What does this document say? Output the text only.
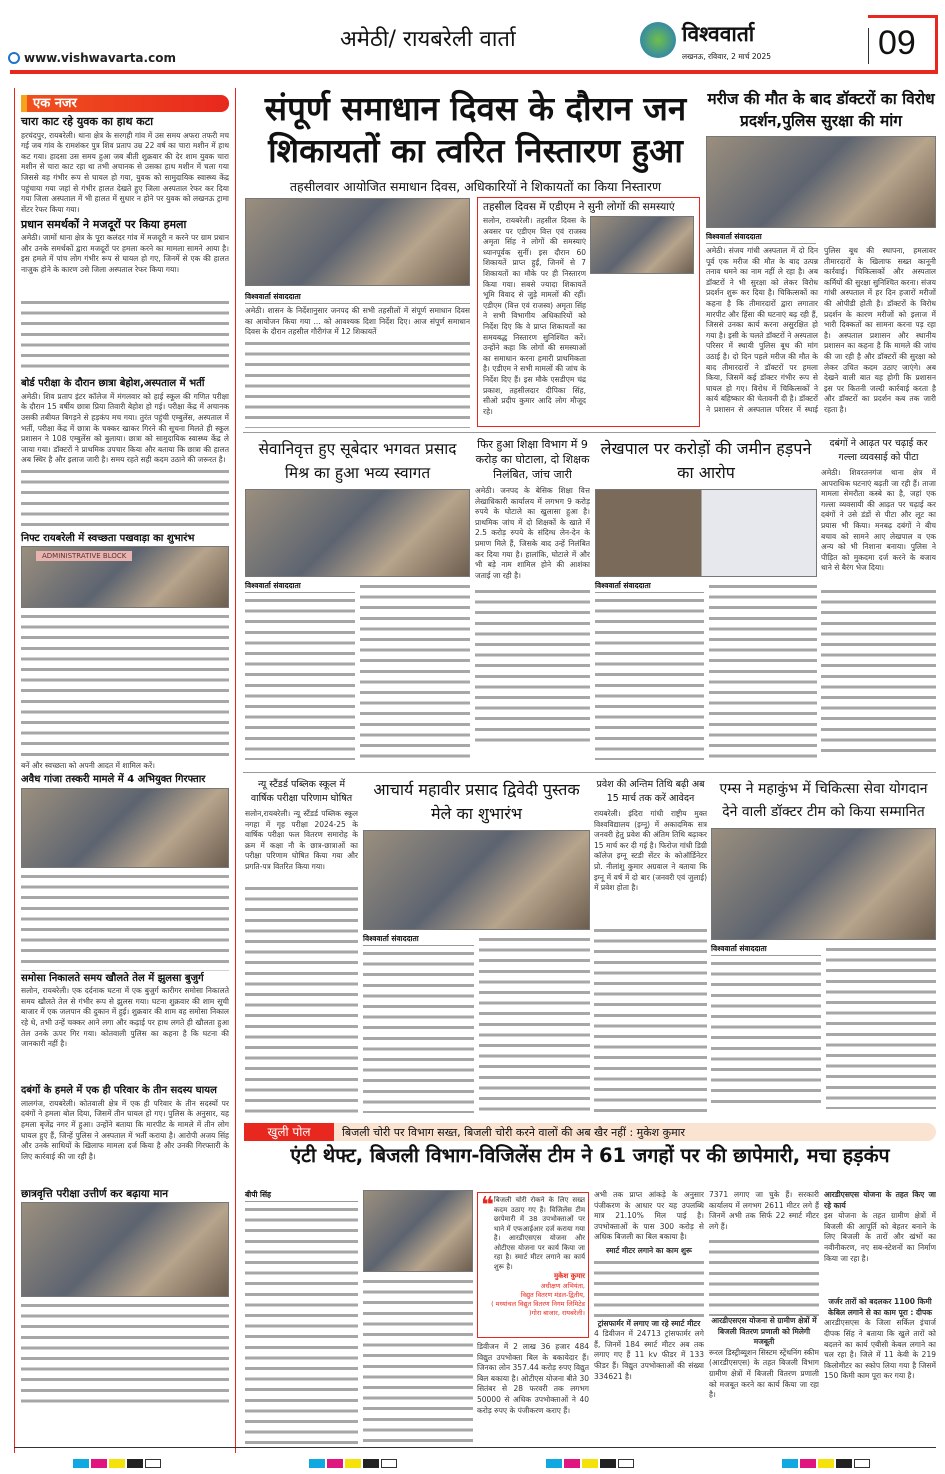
www.vishwavarta.com
अमेठी/ रायबरेली वार्ता	विश्ववार्ता
लखनऊ, रविवार, 2 मार्च 2025	09
एक नजर
चारा काट रहे युवक का हाथ कटा
हरचंदपुर, रायबरेली। थाना क्षेत्र के सरगही गांव में उस समय अफरा तफरी मच गई जब गांव के रामशंकर पुत्र शिव प्रताप उम्र 22 वर्ष का चारा मशीन में हाथ कट गया। हादसा उस समय हुआ जब बीती शुक्रवार की देर शाम युवक चारा मशीन से चारा काट रहा था तभी अचानक से उसका हाथ मशीन में चला गया जिससे वह गंभीर रूप से घायल हो गया, युवक को सामुदायिक स्वास्थ्य केंद्र पहुंचाया गया जहां से गंभीर हालत देखते हुए जिला अस्पताल रेफर कर दिया गया जिला अस्पताल में भी हालत में सुधार न होने पर युवक को लखनऊ ट्रामा सेंटर रेफर किया गया।
प्रधान समर्थकों ने मजदूरों पर किया हमला
अमेठी। जामों थाना क्षेत्र के पूरा कलंदर गांव में मजदूरी न करने पर ग्राम प्रधान और उनके समर्थकों द्वारा मजदूरों पर हमला करने का मामला सामने आया है। इस हमले में पांच लोग गंभीर रूप से घायल हो गए, जिनमें से एक की हालत नाजुक होने के कारण उसे जिला अस्पताल रेफर किया गया।
बोर्ड परीक्षा के दौरान छात्रा बेहोश,अस्पताल में भर्ती
अमेठी। शिव प्रताप इंटर कॉलेज में मंगलवार को हाई स्कूल की गणित परीक्षा के दौरान 15 वर्षीय छात्रा प्रिया तिवारी बेहोश हो गई। परीक्षा केंद्र में अचानक उसकी तबीयत बिगड़ने से हड़कंप मच गया। तुरंत पहुंची एम्बुलेंस, अस्पताल में भर्ती, परीक्षा केंद्र में छात्रा के चक्कर खाकर गिरने की सूचना मिलते ही स्कूल प्रशासन ने 108 एम्बुलेंस को बुलाया। छात्रा को सामुदायिक स्वास्थ्य केंद्र ले जाया गया। डॉक्टरों ने प्राथमिक उपचार किया और बताया कि छात्रा की हालत अब स्थिर है और इलाज जारी है। समय रहते सही कदम उठाने की जरूरत है।
निफ्ट रायबरेली में स्वच्छता पखवाड़ा का शुभारंभ
ADMINISTRATIVE BLOCK
बनें और स्वच्छता को अपनी आदत में शामिल करें।
अवैध गांजा तस्करी मामले में 4 अभियुक्त गिरफ्तार
समोसा निकालते समय खौलते तेल में झुलसा बुजुर्ग
सलोन, रायबरेली। एक दर्दनाक घटना में एक बुजुर्ग कारीगर समोसा निकालते समय खौलते तेल से गंभीर रूप से झुलस गया। घटना शुक्रवार की शाम सूची बाजार में एक जलपान की दुकान में हुई। शुक्रवार की शाम वह समोसा निकाल रहे थे, तभी उन्हें चक्कर आने लगा और कढ़ाई पर हाथ लगते ही खौलता हुआ तेल उनके ऊपर गिर गया। कोतवाली पुलिस का कहना है कि घटना की जानकारी नहीं है।
दबंगों के हमले में एक ही परिवार के तीन सदस्य घायल
लालगंज, रायबरेली। कोतवाली क्षेत्र में एक ही परिवार के तीन सदस्यों पर दबंगों ने हमला बोल दिया, जिसमें तीन घायल हो गए। पुलिस के अनुसार, यह हमला बृजेंद्र नगर में हुआ। उन्होंने बताया कि मारपीट के मामले में तीन लोग घायल हुए हैं, जिन्हें पुलिस ने अस्पताल में भर्ती कराया है। आरोपी अजय सिंह और उनके साथियों के खिलाफ मामला दर्ज किया है और उनकी गिरफ्तारी के लिए कार्रवाई की जा रही है।
छात्रवृत्ति परीक्षा उत्तीर्ण कर बढ़ाया मान
संपूर्ण समाधान दिवस के दौरान जन शिकायतों का त्वरित निस्तारण हुआ
तहसीलवार आयोजित समाधान दिवस, अधिकारियों ने शिकायतों का किया निस्तारण
विश्ववार्ता संवाददाता
अमेठी। शासन के निर्देशानुसार जनपद की सभी तहसीलों में संपूर्ण समाधान दिवस का आयोजन किया गया ... को आवश्यक दिशा निर्देश दिए। आज संपूर्ण समाधान दिवस के दौरान तहसील गौरीगंज में 12 शिकायतें
तहसील दिवस में एडीएम ने सुनी लोगों की समस्याएं
सलोन, रायबरेली। तहसील दिवस के अवसर पर एडीएम वित्त एवं राजस्व अमृता सिंह ने लोगों की समस्याएं ध्यानपूर्वक सुनीं। इस दौरान 60 शिकायतें प्राप्त हुईं, जिनमें से 7 शिकायतों का मौके पर ही निस्तारण किया गया। सबसे ज्यादा शिकायतें भूमि विवाद से जुड़े मामलों की रहीं। एडीएम (वित्त एवं राजस्व) अमृता सिंह ने सभी विभागीय अधिकारियों को निर्देश दिए कि वे प्राप्त शिकायतों का समयबद्ध निस्तारण सुनिश्चित करें। उन्होंने कहा कि लोगों की समस्याओं का समाधान करना हमारी प्राथमिकता है। एडीएम ने सभी मामलों की जांच के निर्देश दिए हैं। इस मौके एसडीएम चंद्र प्रकाश, तहसीलदार दीपिका सिंह, सीओ प्रदीप कुमार आदि लोग मौजूद रहे।
मरीज की मौत के बाद डॉक्टरों का विरोध प्रदर्शन,पुलिस सुरक्षा की मांग
विश्ववार्ता संवाददाता
अमेठी। संजय गांधी अस्पताल में दो दिन पूर्व एक मरीज की मौत के बाद उत्पन्न तनाव थमने का नाम नहीं ले रहा है। अब डॉक्टरों ने भी सुरक्षा को लेकर विरोध प्रदर्शन शुरू कर दिया है। चिकित्सकों का कहना है कि तीमारदारों द्वारा लगातार मारपीट और हिंसा की घटनाएं बढ़ रही हैं, जिससे उनका कार्य करना असुरक्षित हो गया है। इसी के चलते डॉक्टरों ने अस्पताल परिसर में स्थायी पुलिस बूथ की मांग उठाई है। दो दिन पहले मरीज की मौत के बाद तीमारदारों ने डॉक्टरों पर हमला किया, जिसमें कई डॉक्टर गंभीर रूप से घायल हो गए। विरोध में चिकित्सकों ने कार्य बहिष्कार की चेतावनी दी है। डॉक्टरों ने प्रशासन से अस्पताल परिसर में स्थाई पुलिस बूथ की स्थापना, हमलावर तीमारदारों के खिलाफ सख्त कानूनी कार्रवाई। चिकित्सकों और अस्पताल कर्मियों की सुरक्षा सुनिश्चित करना। संजय गांधी अस्पताल में हर दिन हजारों मरीजों की ओपीडी होती है। डॉक्टरों के विरोध प्रदर्शन के कारण मरीजों को इलाज में भारी दिक्कतों का सामना करना पड़ रहा है। अस्पताल प्रशासन और स्थानीय प्रशासन का कहना है कि मामले की जांच की जा रही है और डॉक्टरों की सुरक्षा को लेकर उचित कदम उठाए जाएंगे। अब देखने वाली बात यह होगी कि प्रशासन इस पर कितनी जल्दी कार्रवाई करता है और डॉक्टरों का प्रदर्शन कब तक जारी रहता है।
सेवानिवृत्त हुए सूबेदार भगवत प्रसाद मिश्र का हुआ भव्य स्वागत
विश्ववार्ता संवाददाता
फिर हुआ शिक्षा विभाग में 9 करोड़ का घोटाला, दो शिक्षक निलंबित, जांच जारी
अमेठी। जनपद के बेसिक शिक्षा वित्त लेखाधिकारी कार्यालय में लगभग 9 करोड़ रुपये के घोटाले का खुलासा हुआ है। प्राथमिक जांच में दो शिक्षकों के खाते में 2.5 करोड़ रुपये के संदिग्ध लेन-देन के प्रमाण मिले हैं, जिसके बाद उन्हें निलंबित कर दिया गया है। हालांकि, घोटाले में और भी बड़े नाम शामिल होने की आशंका जताई जा रही है।
लेखपाल पर करोड़ों की जमीन हड़पने का आरोप
विश्ववार्ता संवाददाता
दबंगों ने आढ़त पर चढ़ाई कर गल्ला व्यवसाई को पीटा
अमेठी। शिवरतनगंज थाना क्षेत्र में आपराधिक घटनाएं बढ़ती जा रही हैं। ताजा मामला सेमरौता कस्बे का है, जहां एक गल्ला व्यवसायी की आढ़त पर चढ़ाई कर दबंगों ने उसे डंडों से पीटा और लूट का प्रयास भी किया। मनबढ़ दबंगों ने बीच बचाव को सामने आए लेखपाल व एक अन्य को भी निशाना बनाया। पुलिस ने पीड़ित को मुकदमा दर्ज करने के बजाय थाने से बैरंग भेज दिया।
न्यू स्टैंडर्ड पब्लिक स्कूल में वार्षिक परीक्षा परिणाम घोषित
सलोन,रायबरेली। न्यू स्टैंडर्ड पब्लिक स्कूल नगहा में गृह परीक्षा 2024-25 के वार्षिक परीक्षा फल वितरण समारोह के क्रम में कक्षा नौ के छात्र-छात्राओं का परीक्षा परिणाम घोषित किया गया और प्रगति-पत्र वितरित किया गया।
आचार्य महावीर प्रसाद द्विवेदी पुस्तक मेले का शुभारंभ
विश्ववार्ता संवाददाता
प्रवेश की अन्तिम तिथि बढ़ी अब 15 मार्च तक करें आवेदन
रायबरेली। इंदिरा गांधी राष्ट्रीय मुक्त विश्वविद्यालय (इग्नू) में अकादमिक सत्र जनवरी हेतु प्रवेश की अंतिम तिथि बढ़ाकर 15 मार्च कर दी गई है। फिरोज गांधी डिग्री कॉलेज इग्नू स्टडी सेंटर के कोऑर्डिनेटर प्रो. नीलांशु कुमार अग्रवाल ने बताया कि इग्नू में वर्ष में दो बार (जनवरी एवं जुलाई) में प्रवेश होता है।
एम्स ने महाकुंभ में चिकित्सा सेवा योगदान देने वाली डॉक्टर टीम को किया सम्मानित
विश्ववार्ता संवाददाता
खुली पोल	बिजली चोरी पर विभाग सख्त, बिजली चोरी करने वालों की अब खैर नहीं : मुकेश कुमार
एंटी थेफ्ट, बिजली विभाग-विजिलेंस टीम ने 61 जगहों पर की छापेमारी, मचा हड़कंप
बीपी सिंह	❝ बिजली चोरी रोकने के लिए सख्त कदम उठाए गए हैं। विजिलेंस टीम छापेमारी में 38 उपभोक्ताओं पर थाने में एफआईआर दर्ज कराया गया है। आरडीएसएस योजना और ओटीएस योजना पर कार्य किया जा रहा है। स्मार्ट मीटर लगाने का कार्य शुरू है।
मुकेश कुमार
अधीक्षण अभियंता,
विद्युत वितरण मंडल-द्वितीय,
( मध्यांचल विद्युत वितरण निगम लिमिटेड )गोरा बाजार, रायबरेली।
डिवीजन में 2 लाख 36 हजार 484 विद्युत उपभोक्ता बिल के बकायेदार हैं। जिनका लोन 357.44 करोड़ रुपए विद्युत बिल बकाया है। ओटीएस योजना बीते 30 सितंबर से 28 फरवरी तक लगभग 50000 से अधिक उपभोक्ताओं ने 40 करोड़ रुपए के पंजीकरण कराए हैं।
अभी तक प्राप्त आंकड़े के अनुसार पंजीकरण के आधार पर यह उपलब्धि मात्र 21.10% मिल पाई है। उपभोक्ताओं के पास 300 करोड़ से अधिक बिजली का बिल बकाया है।
स्मार्ट मीटर लगाने का काम शुरू
ट्रांसफार्मर में लगाए जा रहे स्मार्ट मीटर
4 डिवीजन में 24713 ट्रांसफार्मर लगे हैं, जिनमें 184 स्मार्ट मीटर अब तक लगाए गए हैं 11 kv फीडर में 133 फीडर हैं। विद्युत उपभोक्ताओं की संख्या 334621 है।
7371 लगाए जा चुके हैं। सरकारी कार्यालय में लगभग 2611 मीटर लगे हैं जिनमें अभी तक सिर्फ 22 स्मार्ट मीटर लगे हैं।
आरडीएसएस योजना से ग्रामीण क्षेत्रों में बिजली वितरण प्रणाली को मिलेगी मजबूती
रूरल डिस्ट्रीब्यूशन सिस्टम स्ट्रेंथनिंग स्कीम (आरडीएसएस) के तहत बिजली विभाग ग्रामीण क्षेत्रों में बिजली वितरण प्रणाली को मजबूत करने का कार्य किया जा रहा है।
आरडीएसएस योजना के तहत किए जा रहे कार्य
इस योजना के तहत ग्रामीण क्षेत्रों में बिजली की आपूर्ति को बेहतर बनाने के लिए बिजली के तारों और खंभों का नवीनीकरण, नए सब-स्टेशनों का निर्माण किया जा रहा है।
जर्जर तारों को बदलकर 1100 किमी केबिल लगाने से का काम पूरा : दीपक
आरडीएसएस के जिला सर्किल इंचार्ज दीपक सिंह ने बताया कि खुले तारों को बदलने का कार्य एबीसी केबल लगाने का चल रहा है। जिले में 11 केवी के 219 किलोमीटर का स्कोप लिया गया है जिसमें 150 किमी काम पूरा कर गया है।
